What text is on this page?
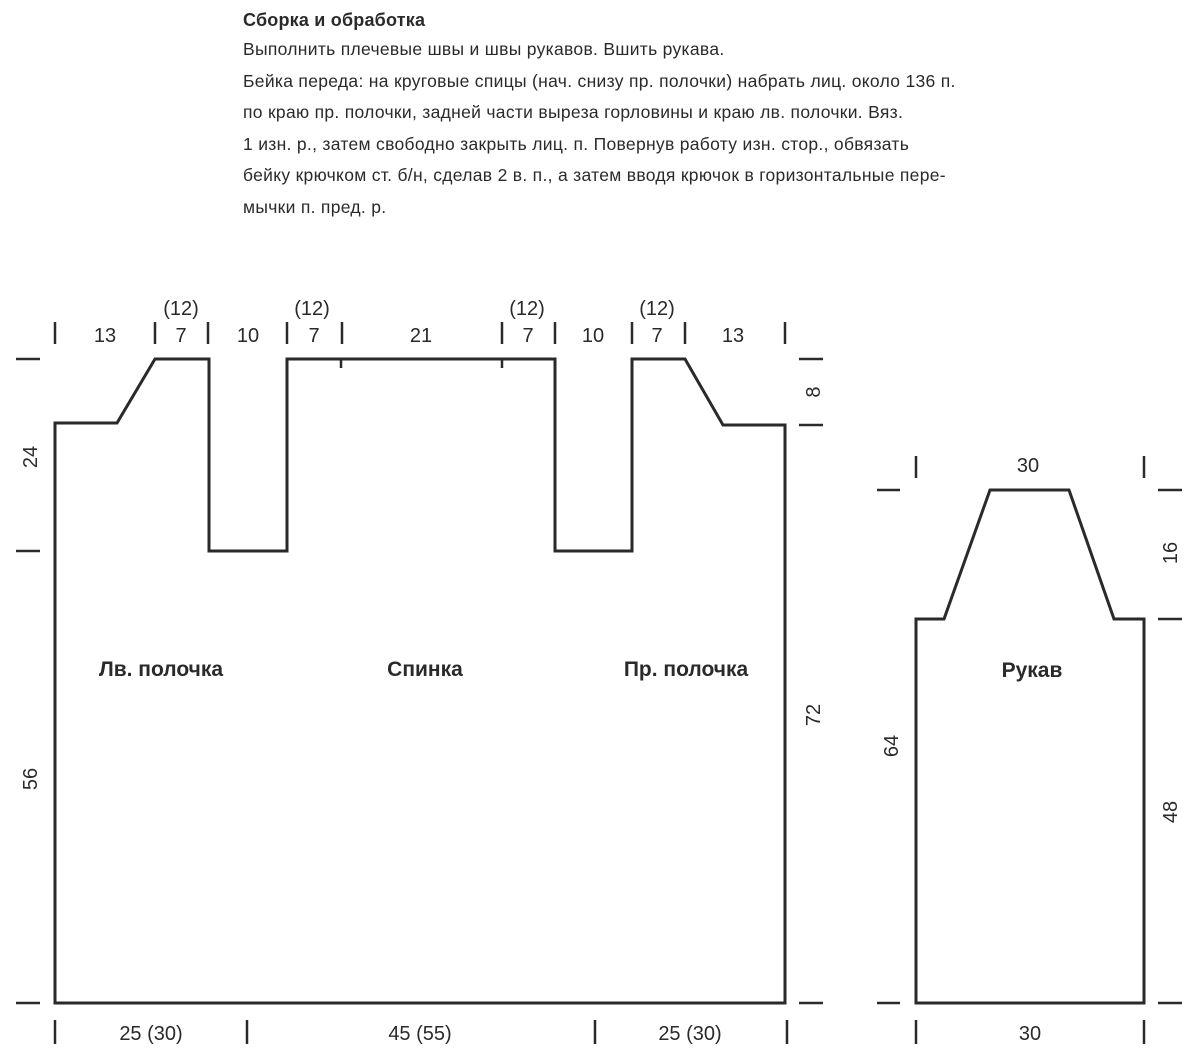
Сборка и обработка
Выполнить плечевые швы и швы рукавов. Вшить рукава.
Бейка переда: на круговые спицы (нач. снизу пр. полочки) набрать лиц. около 136 п.
по краю пр. полочки, задней части выреза горловины и краю лв. полочки. Вяз.
1 изн. р., затем свободно закрыть лиц. п. Повернув работу изн. стор., обвязать
бейку крючком ст. б/н, сделав 2 в. п., а затем вводя крючок в горизонтальные пере-
мычки п. пред. р.
13	7	10 7	21	7 10 7	13
(12)	(12)	(12)	(12)
24
56
8
72
Лв. полочка	Спинка	Пр. полочка
25 (30)	45 (55)	25 (30)
30
64
16
48
Рукав
30
